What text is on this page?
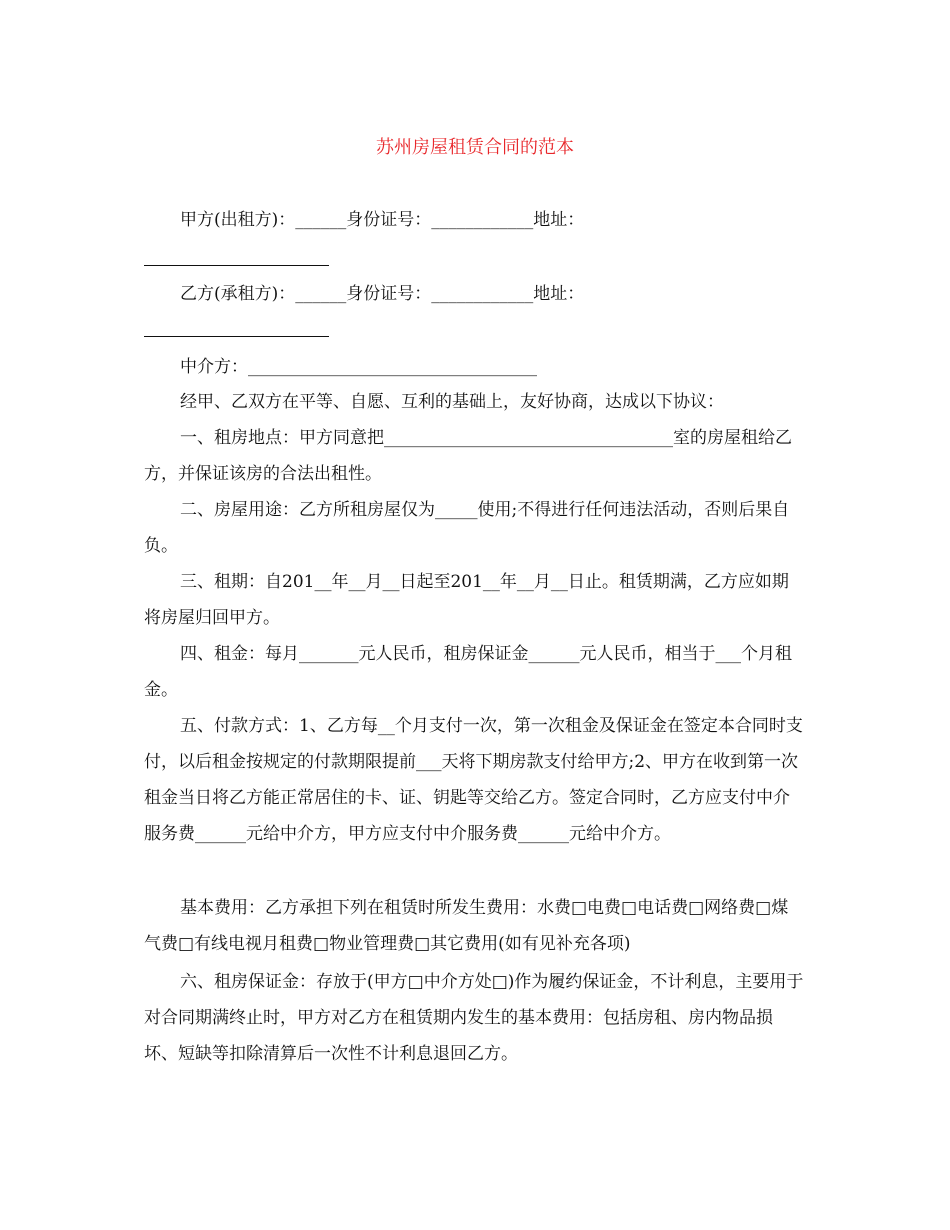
苏州房屋租赁合同的范本
甲方(出租方)：______身份证号：____________地址：
乙方(承租方)：______身份证号：____________地址：
中介方：__________________________________

经甲、乙双方在平等、自愿、互利的基础上，友好协商，达成以下协议：

一、租房地点：甲方同意把__________________________________室的房屋租给乙方，并保证该房的合法出租性。

二、房屋用途：乙方所租房屋仅为_____使用;不得进行任何违法活动，否则后果自负。

三、租期：自201__年__月__日起至201__年__月__日止。租赁期满，乙方应如期将房屋归回甲方。

四、租金：每月_______元人民币，租房保证金______元人民币，相当于___个月租金。

五、付款方式：1、乙方每__个月支付一次，第一次租金及保证金在签定本合同时支付，以后租金按规定的付款期限提前___天将下期房款支付给甲方;2、甲方在收到第一次租金当日将乙方能正常居住的卡、证、钥匙等交给乙方。签定合同时，乙方应支付中介服务费______元给中介方，甲方应支付中介服务费______元给中介方。

基本费用：乙方承担下列在租赁时所发生费用：水费□电费□电话费□网络费□煤气费□有线电视月租费□物业管理费□其它费用(如有见补充各项)

六、租房保证金：存放于(甲方□中介方处□)作为履约保证金，不计利息，主要用于对合同期满终止时，甲方对乙方在租赁期内发生的基本费用：包括房租、房内物品损坏、短缺等扣除清算后一次性不计利息退回乙方。
